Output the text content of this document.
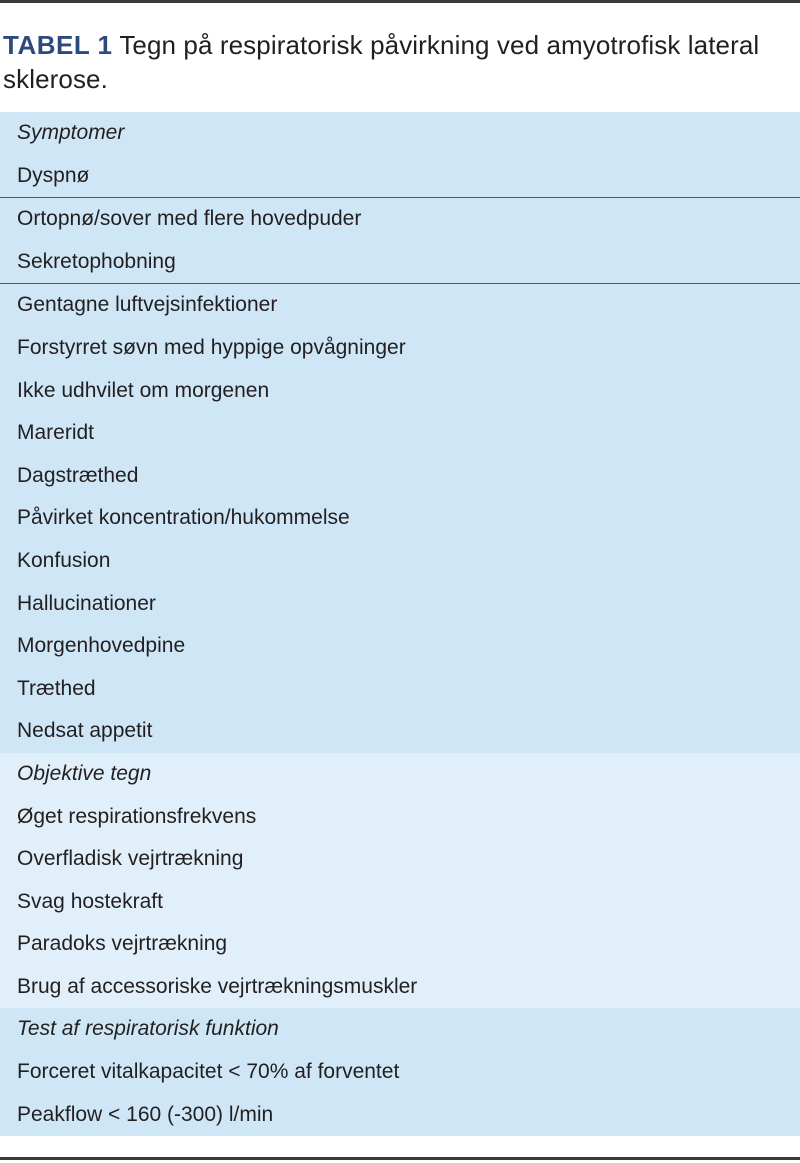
TABEL 1 Tegn på respiratorisk påvirkning ved amyotrofisk lateral sklerose.
Symptomer
Dyspnø
Ortopnø/sover med flere hovedpuder
Sekretophobning
Gentagne luftvejsinfektioner
Forstyrret søvn med hyppige opvågninger
Ikke udhvilet om morgenen
Mareridt
Dagstræthed
Påvirket koncentration/hukommelse
Konfusion
Hallucinationer
Morgenhovedpine
Træthed
Nedsat appetit
Objektive tegn
Øget respirationsfrekvens
Overfladisk vejrtrækning
Svag hostekraft
Paradoks vejrtrækning
Brug af accessoriske vejrtrækningsmuskler
Test af respiratorisk funktion
Forceret vitalkapacitet < 70% af forventet
Peakflow < 160 (-300) l/min
